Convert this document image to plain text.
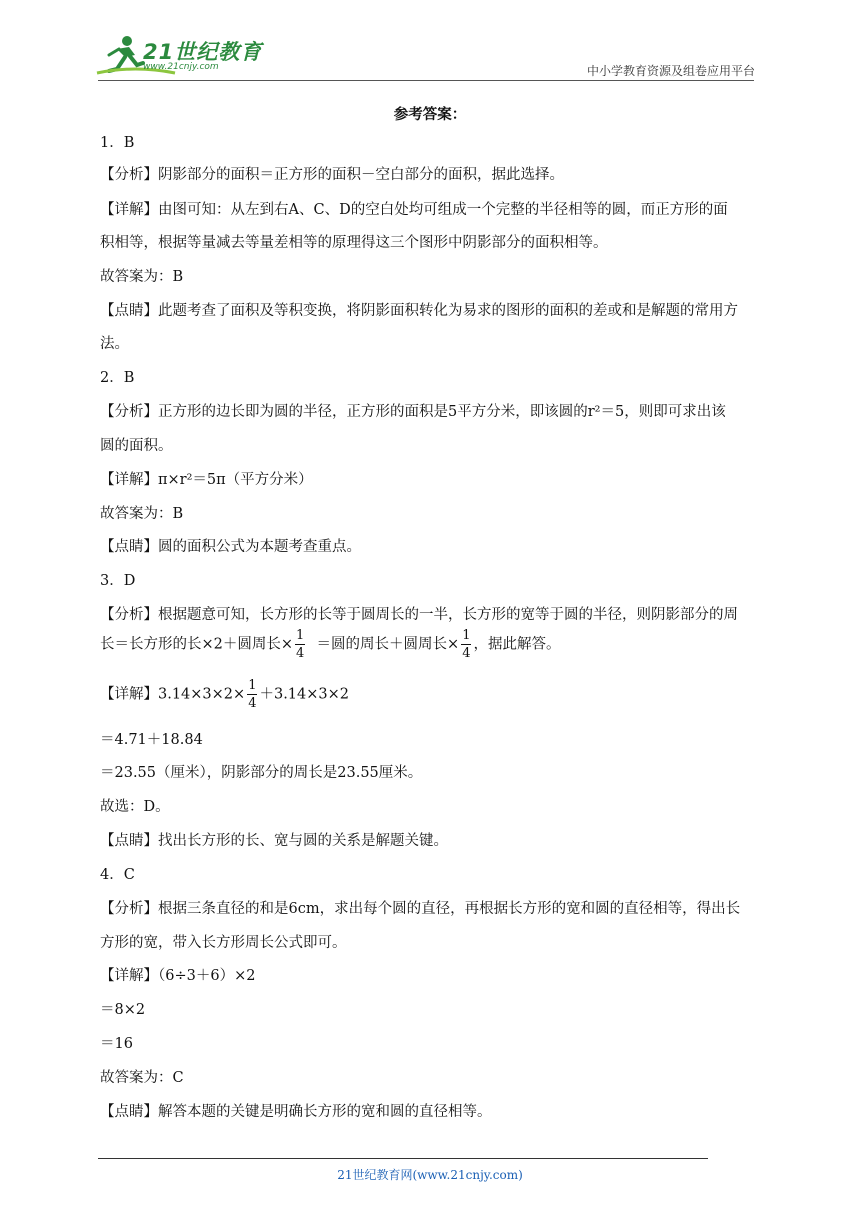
21世纪教育
www.21cnjy.com	中小学教育资源及组卷应用平台
参考答案：
1．B
【分析】阴影部分的面积＝正方形的面积－空白部分的面积，据此选择。
【详解】由图可知：从左到右A、C、D的空白处均可组成一个完整的半径相等的圆，而正方形的面
积相等，根据等量减去等量差相等的原理得这三个图形中阴影部分的面积相等。
故答案为：B
【点睛】此题考查了面积及等积变换，将阴影面积转化为易求的图形的面积的差或和是解题的常用方
法。
2．B
【分析】正方形的边长即为圆的半径，正方形的面积是5平方分米，即该圆的r²＝5，则即可求出该
圆的面积。
【详解】π×r²＝5π（平方分米）
故答案为：B
【点睛】圆的面积公式为本题考查重点。
3．D
【分析】根据题意可知，长方形的长等于圆周长的一半，长方形的宽等于圆的半径，则阴影部分的周
长＝长方形的长×2＋圆周长× $\frac{1}{4}$ ＝圆的周长＋圆周长× $\frac{1}{4}$ ，据此解答。
【详解】$3.14\times 3\times 2\times \frac{1}{4} +3.14\times 3\times 2$
＝4.71＋18.84
＝23.55（厘米），阴影部分的周长是23.55厘米。
故选：D。
【点睛】找出长方形的长、宽与圆的关系是解题关键。
4．C
【分析】根据三条直径的和是6cm，求出每个圆的直径，再根据长方形的宽和圆的直径相等，得出长
方形的宽，带入长方形周长公式即可。
【详解】（6÷3＋6）×2
＝8×2
＝16
故答案为：C
【点睛】解答本题的关键是明确长方形的宽和圆的直径相等。
21世纪教育网(www.21cnjy.com)
